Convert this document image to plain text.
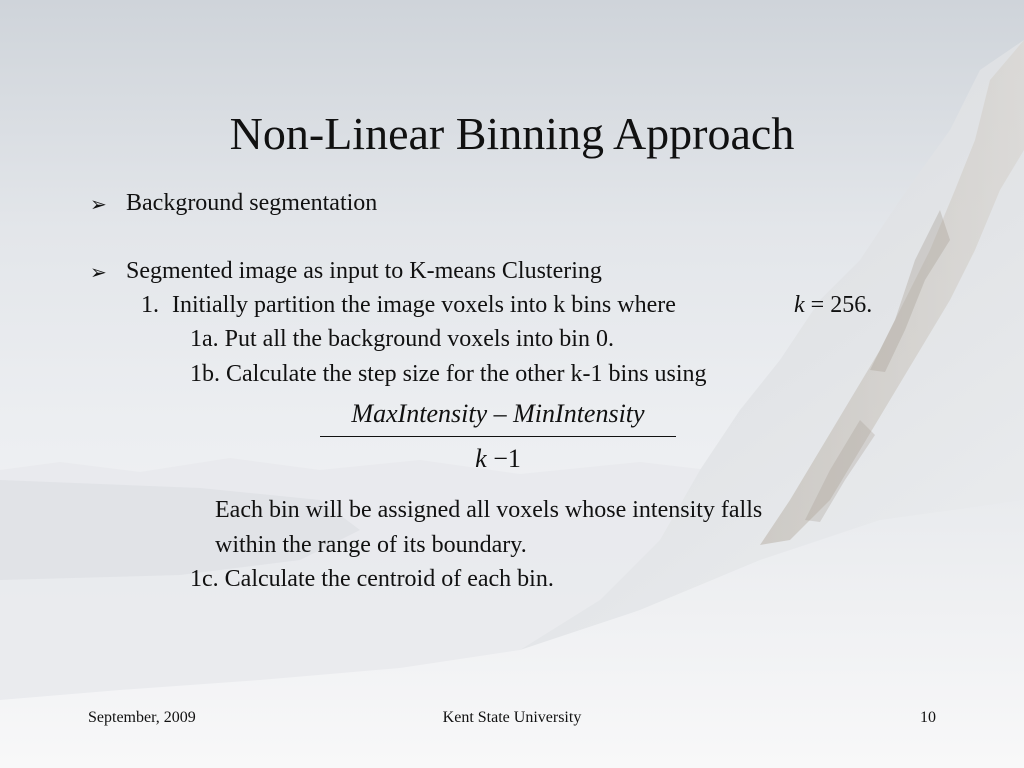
Non-Linear Binning Approach
➢ Background segmentation
➢ Segmented image as input to K-means Clustering
1. Initially partition the image voxels into k bins where	k = 256.
1a. Put all the background voxels into bin 0.
1b. Calculate the step size for the other k-1 bins using
MaxIntensity – MinIntensity
k −1
Each bin will be assigned all voxels whose intensity falls
within the range of its boundary.
1c. Calculate the centroid of each bin.
September, 2009	Kent State University	10
